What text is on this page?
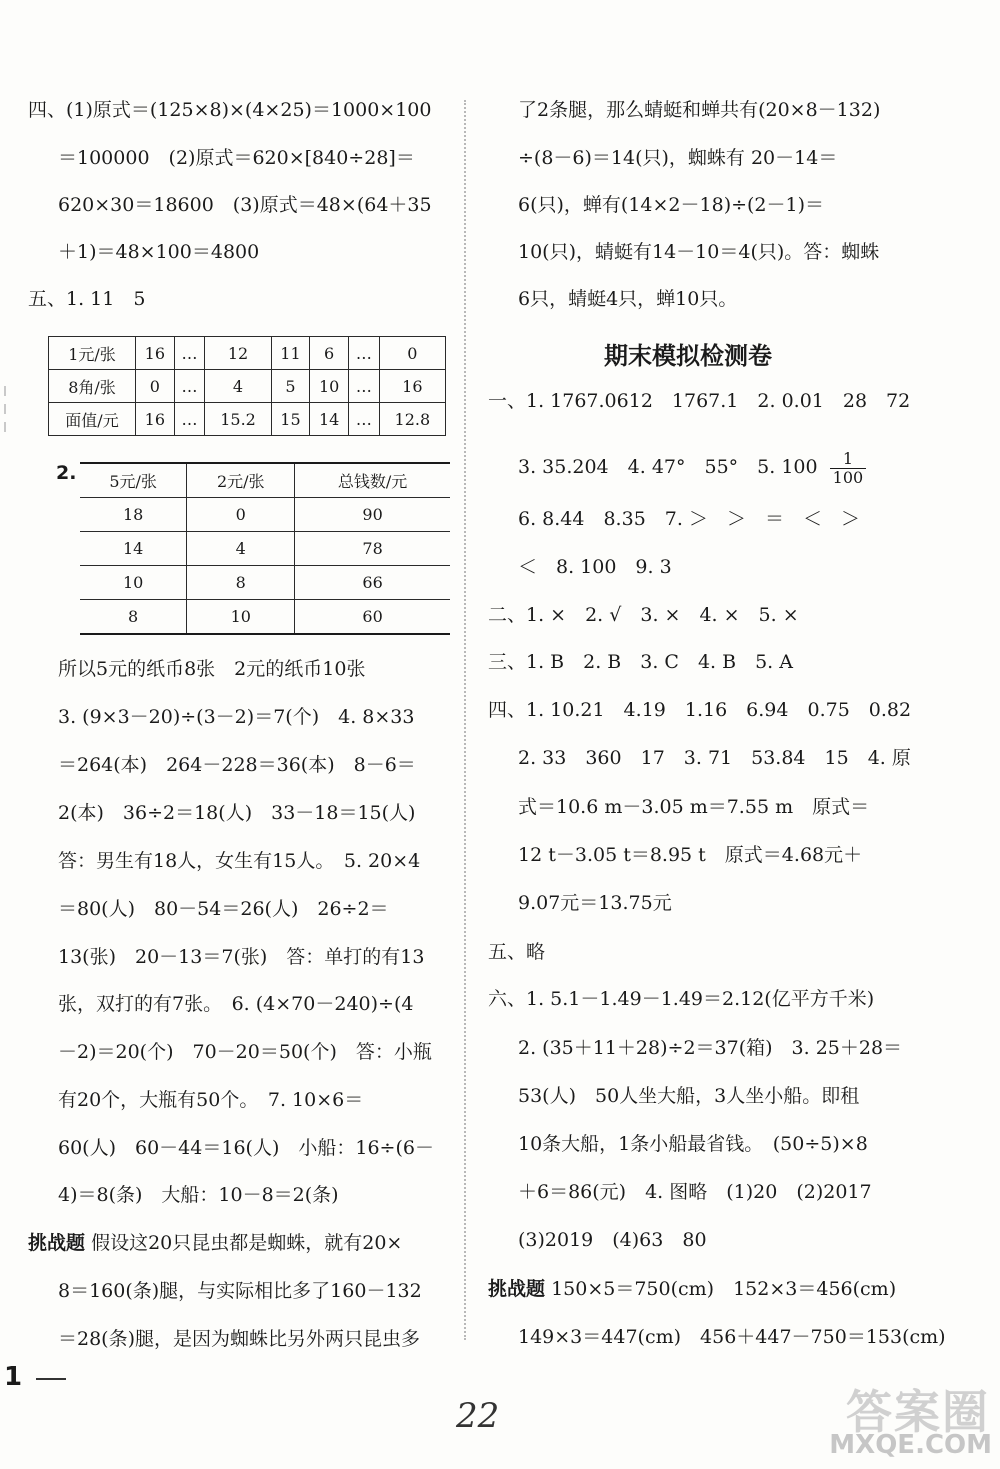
四、(1)原式＝(125×8)×(4×25)＝1000×100
＝100000　(2)原式＝620×[840÷28]＝
620×30＝18600　(3)原式＝48×(64＋35
＋1)＝48×100＝4800
五、1. 11　5
1元/张	16	…	12	11	6	…	0
8角/张	0	…	4	5	10	…	16
面值/元	16	…	15.2	15	14	…	12.8
2. 5元/张	2元/张	总钱数/元
18	0	90
14	4	78
10	8	66
8	10	60
所以5元的纸币8张　2元的纸币10张
3. (9×3－20)÷(3－2)＝7(个)　4. 8×33
＝264(本)　264－228＝36(本)　8－6＝
2(本)　36÷2＝18(人)　33－18＝15(人)
答：男生有18人，女生有15人。　5. 20×4
＝80(人)　80－54＝26(人)　26÷2＝
13(张)　20－13＝7(张)　答：单打的有13
张，双打的有7张。　6. (4×70－240)÷(4
－2)＝20(个)　70－20＝50(个)　答：小瓶
有20个，大瓶有50个。　7. 10×6＝
60(人)　60－44＝16(人)　小船：16÷(6－
4)＝8(条)　大船：10－8＝2(条)
挑战题 假设这20只昆虫都是蜘蛛，就有20×
8＝160(条)腿，与实际相比多了160－132
＝28(条)腿，是因为蜘蛛比另外两只昆虫多
了2条腿，那么蜻蜓和蝉共有(20×8－132)
÷(8－6)＝14(只)，蜘蛛有 20－14＝
6(只)，蝉有(14×2－18)÷(2－1)＝
10(只)，蜻蜓有14－10＝4(只)。答：蜘蛛
6只，蜻蜓4只，蝉10只。
期末模拟检测卷
一、1. 1767.0612　1767.1　2. 0.01　28　72
3. 35.204　4. 47°　55°　5. $100 \frac{1}{100}$
6. 8.44　8.35　7. ＞　＞　＝　＜　＞
＜　8. 100　9. 3
二、1. ×　2. √　3. ×　4. ×　5. ×
三、1. B　2. B　3. C　4. B　5. A
四、1. 10.21　4.19　1.16　6.94　0.75　0.82
2. 33　360　17　3. 71　53.84　15　4. 原
式＝10.6 m－3.05 m＝7.55 m　原式＝
12 t－3.05 t＝8.95 t　原式＝4.68元＋
9.07元＝13.75元
五、略
六、1. 5.1－1.49－1.49＝2.12(亿平方千米)
2. (35＋11＋28)÷2＝37(箱)　3. 25＋28＝
53(人)　50人坐大船，3人坐小船。即租
10条大船，1条小船最省钱。　(50÷5)×8
＋6＝86(元)　4. 图略　(1)20　(2)2017
(3)2019　(4)63　80
挑战题 150×5＝750(cm)　152×3＝456(cm)
149×3＝447(cm)　456＋447－750＝153(cm)
1
22	答案圈
MXQE.COM
